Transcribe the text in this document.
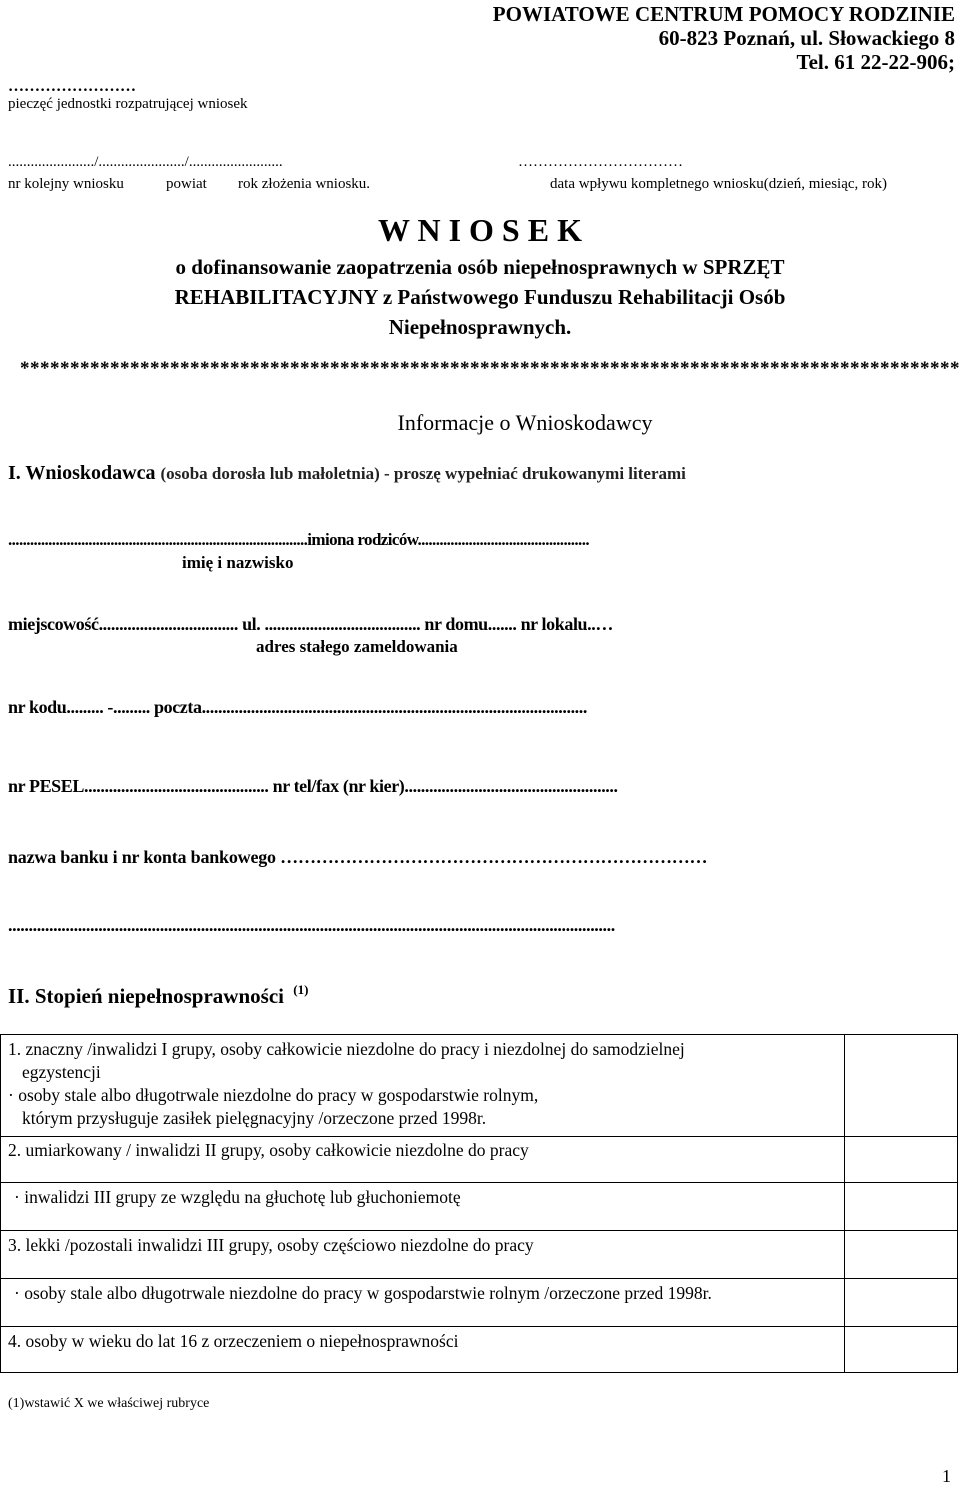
POWIATOWE CENTRUM POMOCY RODZINIE
60-823 Poznań, ul. Słowackiego 8
Tel. 61 22-22-906;
……………………
pieczęć jednostki rozpatrującej wniosek
......................./......................./.........................	……………………………
nr kolejny wniosku	powiat rok złożenia wniosku.	data wpływu kompletnego wniosku(dzień, miesiąc, rok)
W N I O S E K
o dofinansowanie zaopatrzenia osób niepełnosprawnych w SPRZĘT REHABILITACYJNY z Państwowego Funduszu Rehabilitacji Osób Niepełnosprawnych.
**********************************************************************************************
Informacje o Wnioskodawcy
I. Wnioskodawca (osoba dorosła lub małoletnia) - proszę wypełniać drukowanymi literami
..................................................................................imiona rodziców...............................................
imię i nazwisko
miejscowość.................................. ul. ...................................... nr domu....... nr lokalu..…
adres stałego zameldowania
nr kodu......... -......... poczta..............................................................................................
nr PESEL............................................. nr tel/fax (nr kier)....................................................
nazwa banku i nr konta bankowego ………………………………………………………………
....................................................................................................................................................
II. Stopień niepełnosprawności $^{(1)}$
1. znaczny /inwalidzi I grupy, osoby całkowicie niezdolne do pracy i niezdolnej do samodzielnej
egzystencji
· osoby stale albo długotrwale niezdolne do pracy w gospodarstwie rolnym,
którym przysługuje zasiłek pielęgnacyjny /orzeczone przed 1998r.
2. umiarkowany / inwalidzi II grupy, osoby całkowicie niezdolne do pracy
· inwalidzi III grupy ze względu na głuchotę lub głuchoniemotę
3. lekki /pozostali inwalidzi III grupy, osoby częściowo niezdolne do pracy
· osoby stale albo długotrwale niezdolne do pracy w gospodarstwie rolnym /orzeczone przed 1998r.
4. osoby w wieku do lat 16 z orzeczeniem o niepełnosprawności
(1)wstawić X we właściwej rubryce
1
